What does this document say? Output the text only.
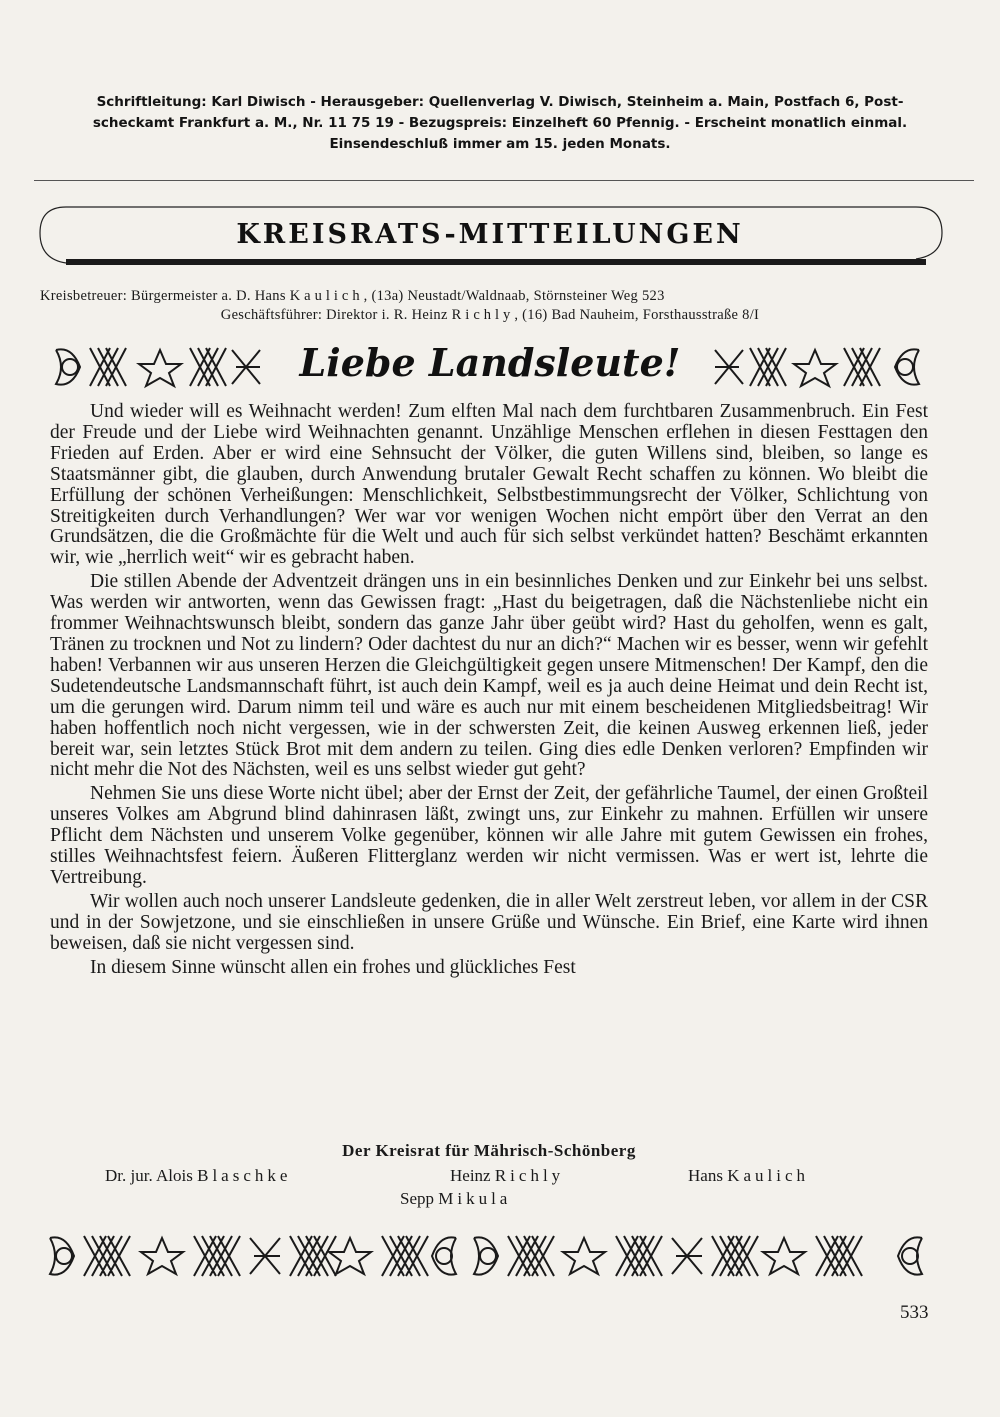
Schriftleitung: Karl Diwisch - Herausgeber: Quellenverlag V. Diwisch, Steinheim a. Main, Postfach 6, Post-
scheckamt Frankfurt a. M., Nr. 11 75 19 - Bezugspreis: Einzelheft 60 Pfennig. - Erscheint monatlich einmal.
Einsendeschluß immer am 15. jeden Monats.
KREISRATS-MITTEILUNGEN
Kreisbetreuer: Bürgermeister a. D. Hans Kaulich, (13a) Neustadt/Waldnaab, Störnsteiner Weg 523
Geschäftsführer: Direktor i. R. Heinz Richly, (16) Bad Nauheim, Forsthausstraße 8/I
Liebe Landsleute!

Und wieder will es Weihnacht werden! Zum elften Mal nach dem furchtbaren Zusammenbruch. Ein Fest der Freude und der Liebe wird Weihnachten genannt. Unzählige Menschen erflehen in diesen Festtagen den Frieden auf Erden. Aber er wird eine Sehnsucht der Völker, die guten Willens sind, bleiben, so lange es Staatsmänner gibt, die glauben, durch Anwendung brutaler Gewalt Recht schaffen zu können. Wo bleibt die Erfüllung der schönen Verheißungen: Menschlichkeit, Selbstbestimmungsrecht der Völker, Schlichtung von Streitigkeiten durch Verhandlungen? Wer war vor wenigen Wochen nicht empört über den Verrat an den Grundsätzen, die die Großmächte für die Welt und auch für sich selbst verkündet hatten? Beschämt erkannten wir, wie „herrlich weit“ wir es gebracht haben.

Die stillen Abende der Adventzeit drängen uns in ein besinnliches Denken und zur Einkehr bei uns selbst. Was werden wir antworten, wenn das Gewissen fragt: „Hast du beigetragen, daß die Nächstenliebe nicht ein frommer Weihnachtswunsch bleibt, sondern das ganze Jahr über geübt wird? Hast du geholfen, wenn es galt, Tränen zu trocknen und Not zu lindern? Oder dachtest du nur an dich?“ Machen wir es besser, wenn wir gefehlt haben! Verbannen wir aus unseren Herzen die Gleichgültigkeit gegen unsere Mitmenschen! Der Kampf, den die Sudetendeutsche Landsmannschaft führt, ist auch dein Kampf, weil es ja auch deine Heimat und dein Recht ist, um die gerungen wird. Darum nimm teil und wäre es auch nur mit einem bescheidenen Mitgliedsbeitrag! Wir haben hoffentlich noch nicht vergessen, wie in der schwersten Zeit, die keinen Ausweg erkennen ließ, jeder bereit war, sein letztes Stück Brot mit dem andern zu teilen. Ging dies edle Denken verloren? Empfinden wir nicht mehr die Not des Nächsten, weil es uns selbst wieder gut geht?

Nehmen Sie uns diese Worte nicht übel; aber der Ernst der Zeit, der gefährliche Taumel, der einen Großteil unseres Volkes am Abgrund blind dahinrasen läßt, zwingt uns, zur Einkehr zu mahnen. Erfüllen wir unsere Pflicht dem Nächsten und unserem Volke gegenüber, können wir alle Jahre mit gutem Gewissen ein frohes, stilles Weihnachtsfest feiern. Äußeren Flitterglanz werden wir nicht vermissen. Was er wert ist, lehrte die Vertreibung.

Wir wollen auch noch unserer Landsleute gedenken, die in aller Welt zerstreut leben, vor allem in der CSR und in der Sowjetzone, und sie einschließen in unsere Grüße und Wünsche. Ein Brief, eine Karte wird ihnen beweisen, daß sie nicht vergessen sind.

In diesem Sinne wünscht allen ein frohes und glückliches Fest

Der Kreisrat für Mährisch-Schönberg
Dr. jur. Alois Blaschke	Heinz Richly	Hans Kaulich
Sepp Mikula
533
